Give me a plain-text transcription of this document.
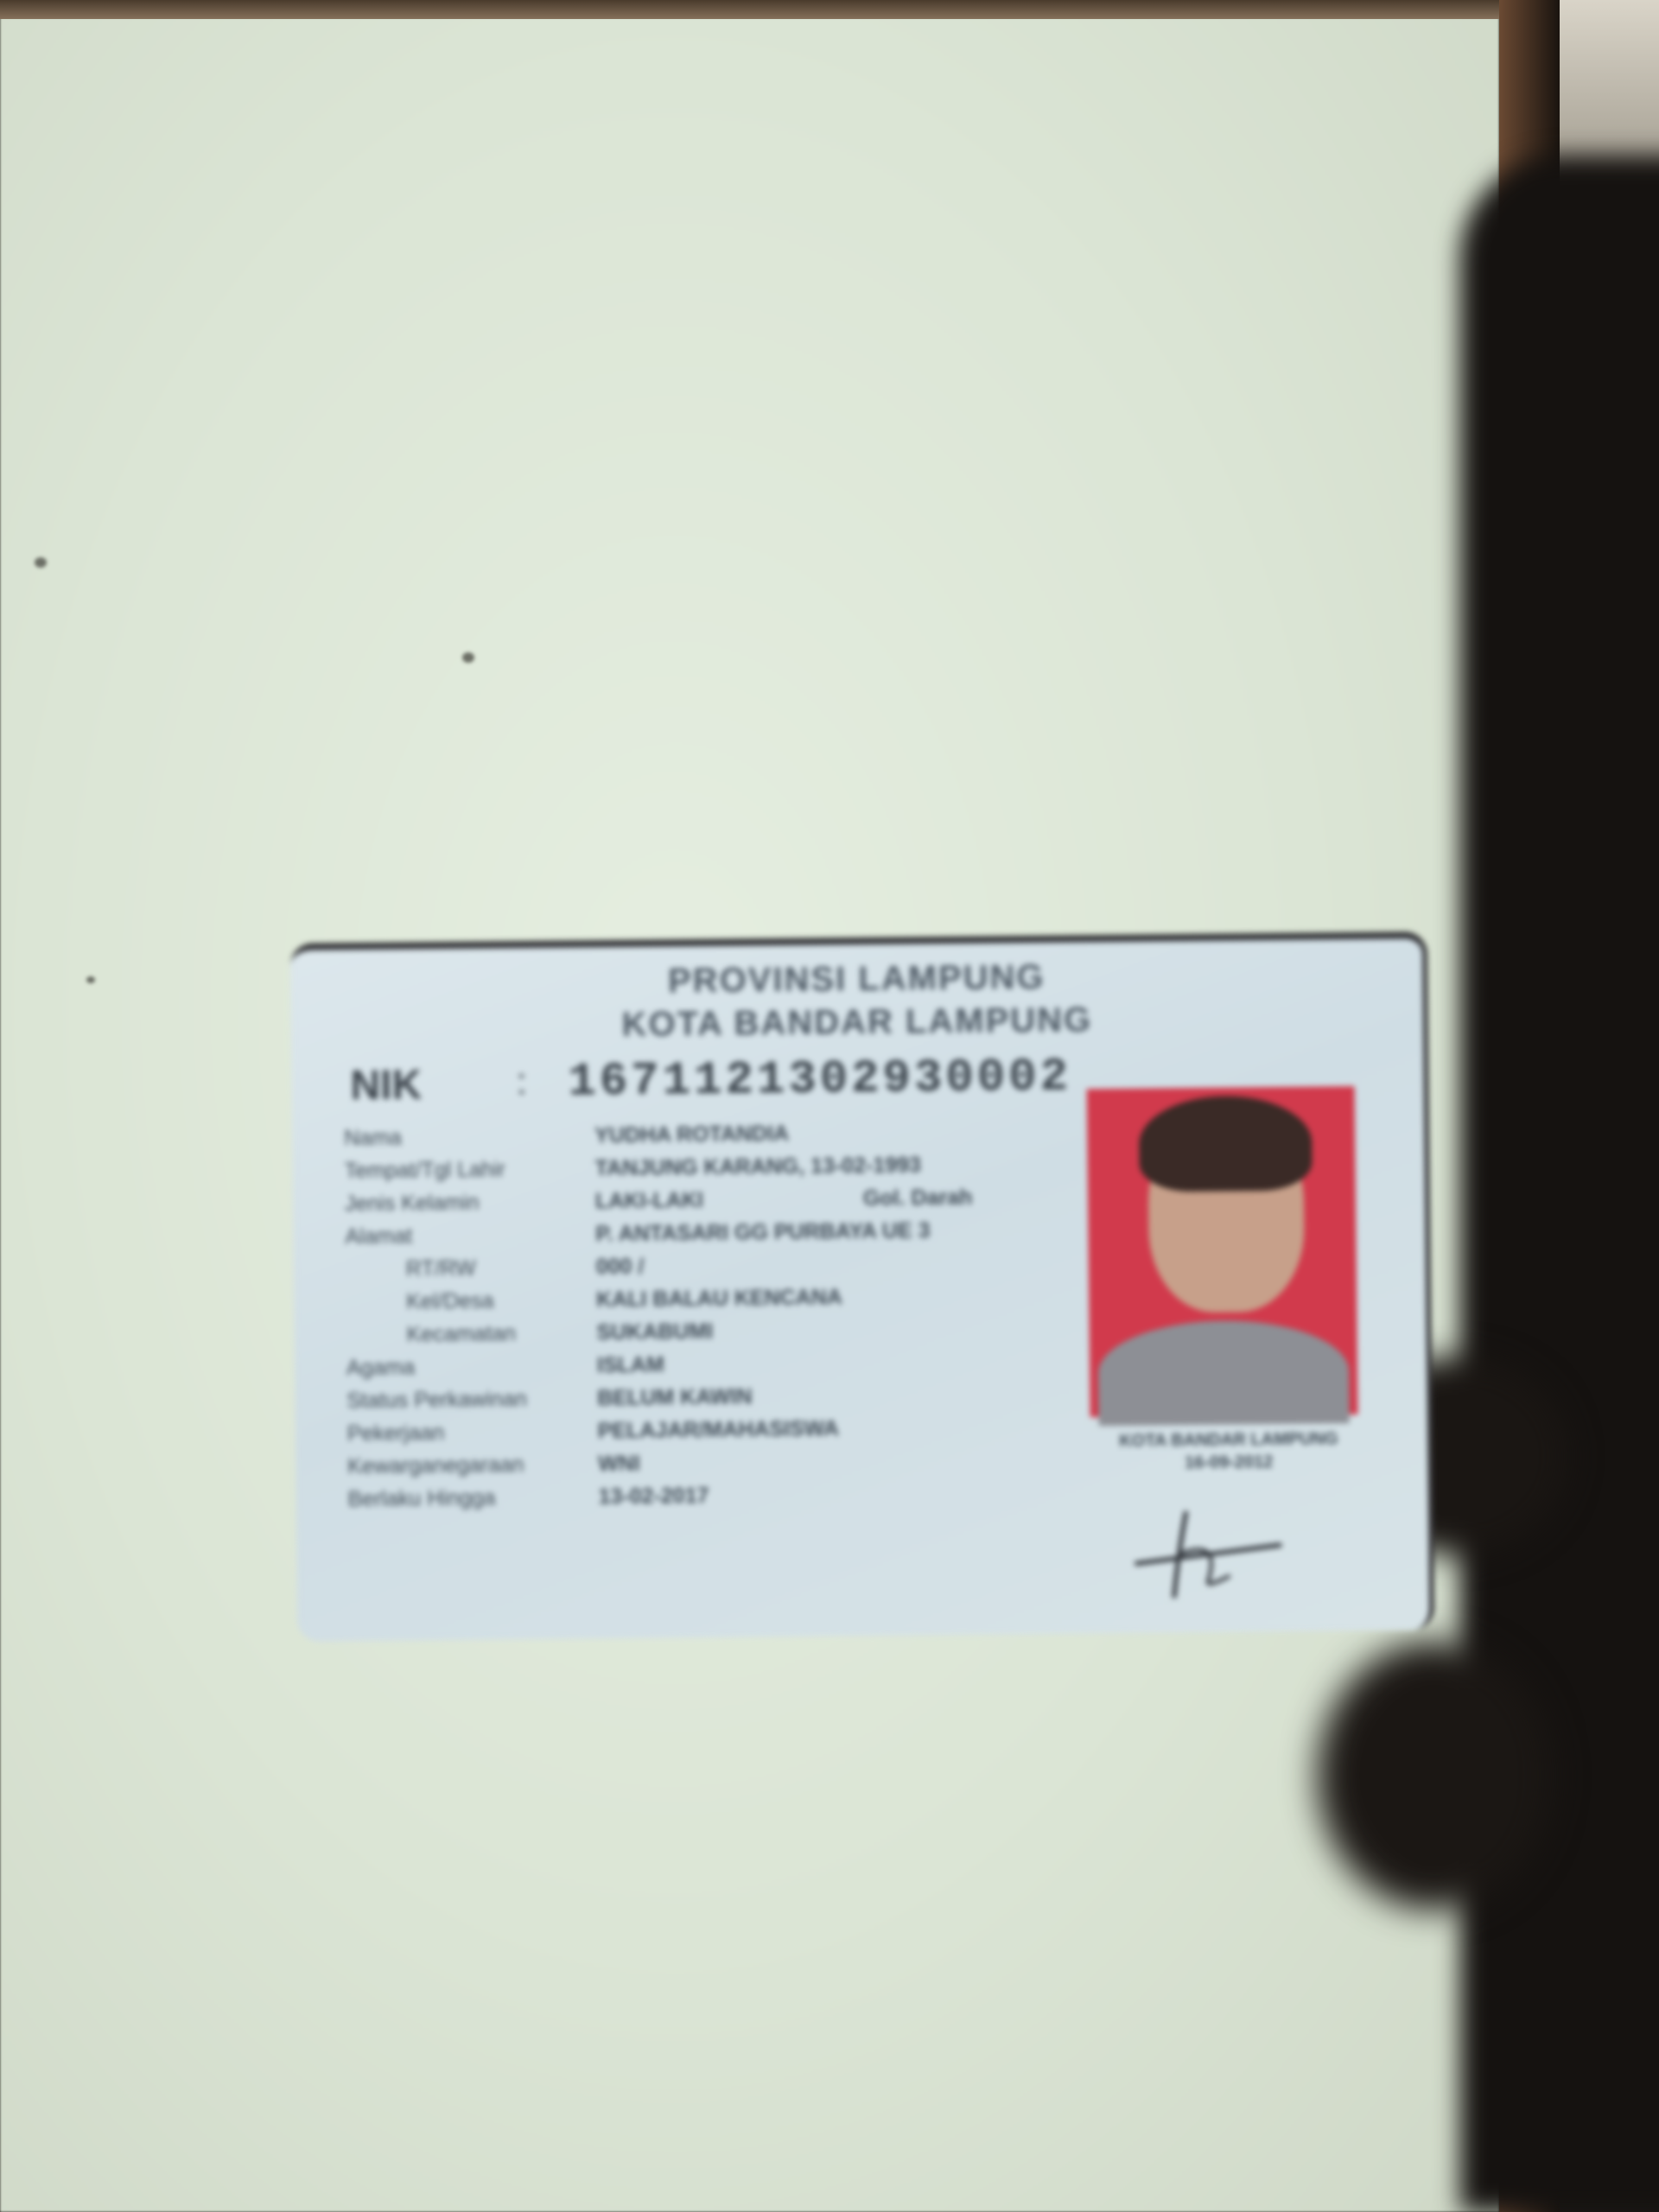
PROVINSI LAMPUNG
KOTA BANDAR LAMPUNG
NIK : 1671121302930002
Nama	YUDHA ROTANDIA
Tempat/Tgl Lahir	TANJUNG KARANG, 13-02-1993
Jenis Kelamin	LAKI-LAKI	Gol. Darah
Alamat	P. ANTASARI GG PURBAYA UE 3
RT/RW	000 /
Kel/Desa	KALI BALAU KENCANA
Kecamatan	SUKABUMI
Agama	ISLAM
Status Perkawinan	BELUM KAWIN
Pekerjaan	PELAJAR/MAHASISWA
Kewarganegaraan	WNI
Berlaku Hingga	13-02-2017
KOTA BANDAR LAMPUNG
16-09-2012
